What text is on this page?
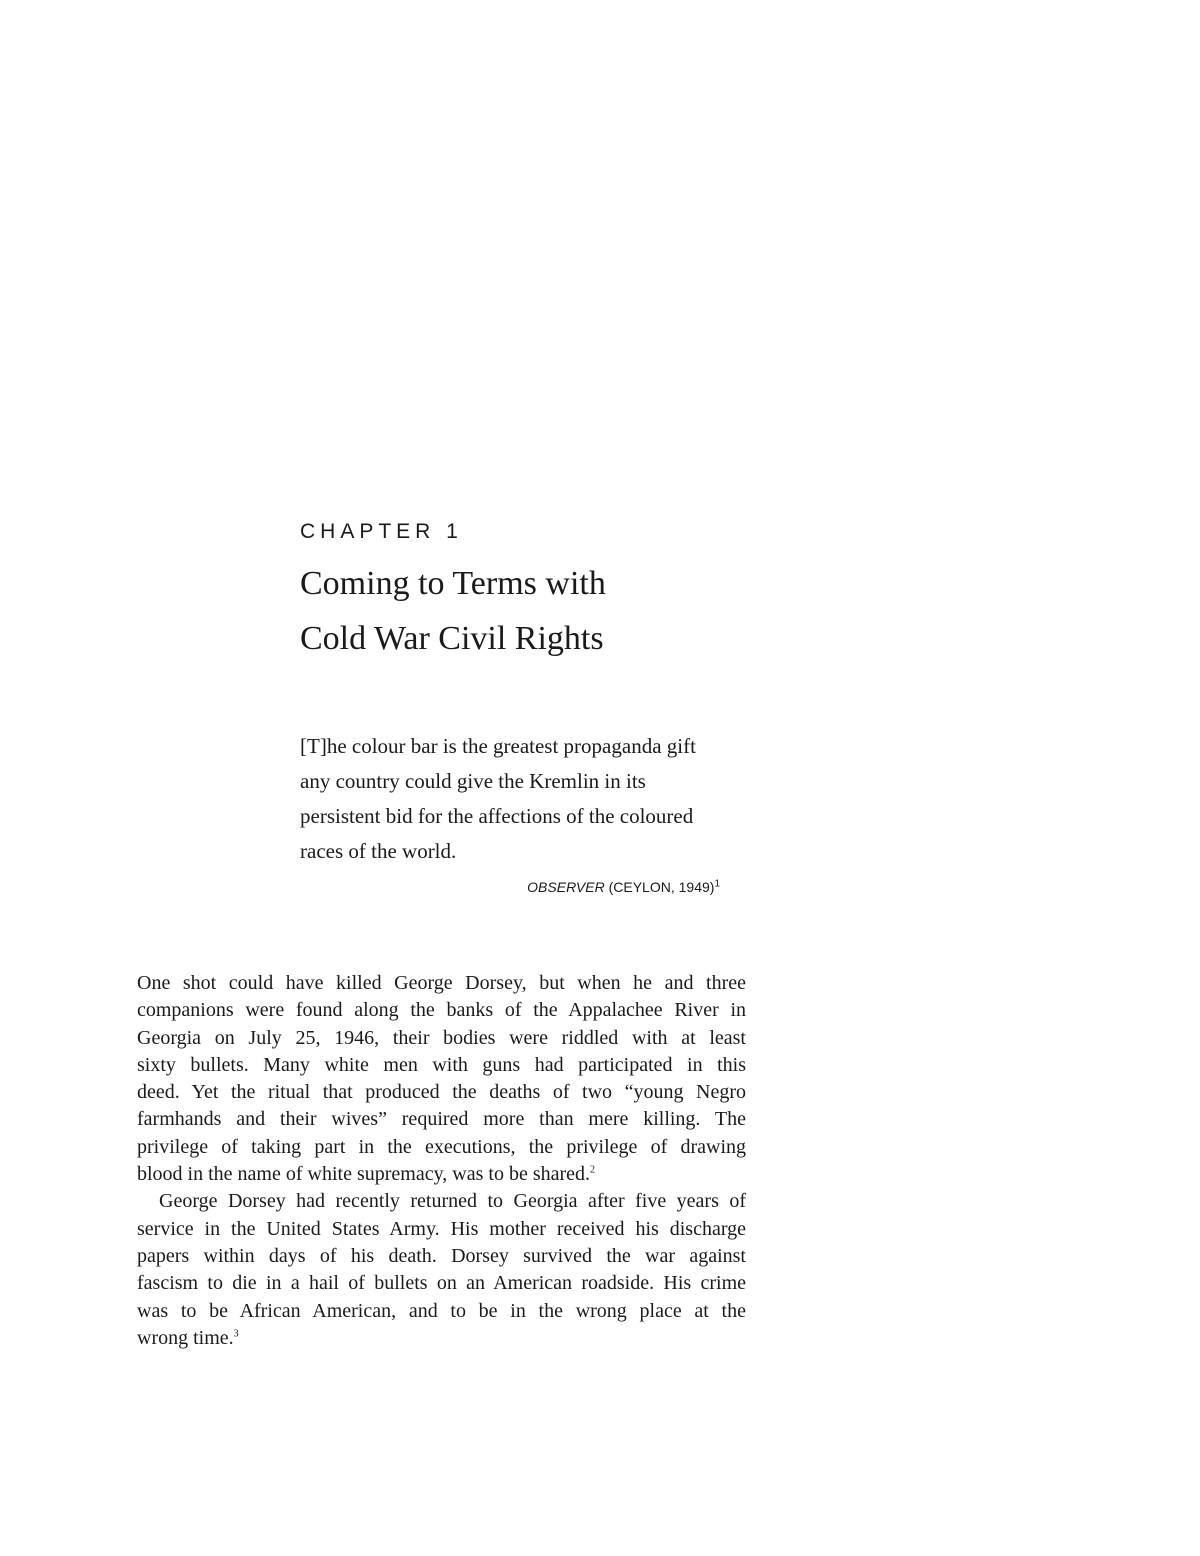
CHAPTER 1
Coming to Terms with
Cold War Civil Rights
[T]he colour bar is the greatest propaganda gift
any country could give the Kremlin in its
persistent bid for the affections of the coloured
races of the world.
OBSERVER (CEYLON, 1949)$^1$

One shot could have killed George Dorsey, but when he and three
companions were found along the banks of the Appalachee River in
Georgia on July 25, 1946, their bodies were riddled with at least
sixty bullets. Many white men with guns had participated in this
deed. Yet the ritual that produced the deaths of two “young Negro
farmhands and their wives” required more than mere killing. The
privilege of taking part in the executions, the privilege of drawing
blood in the name of white supremacy, was to be shared.$^2$

George Dorsey had recently returned to Georgia after five years of
service in the United States Army. His mother received his discharge
papers within days of his death. Dorsey survived the war against
fascism to die in a hail of bullets on an American roadside. His crime
was to be African American, and to be in the wrong place at the
wrong time.$^3$
